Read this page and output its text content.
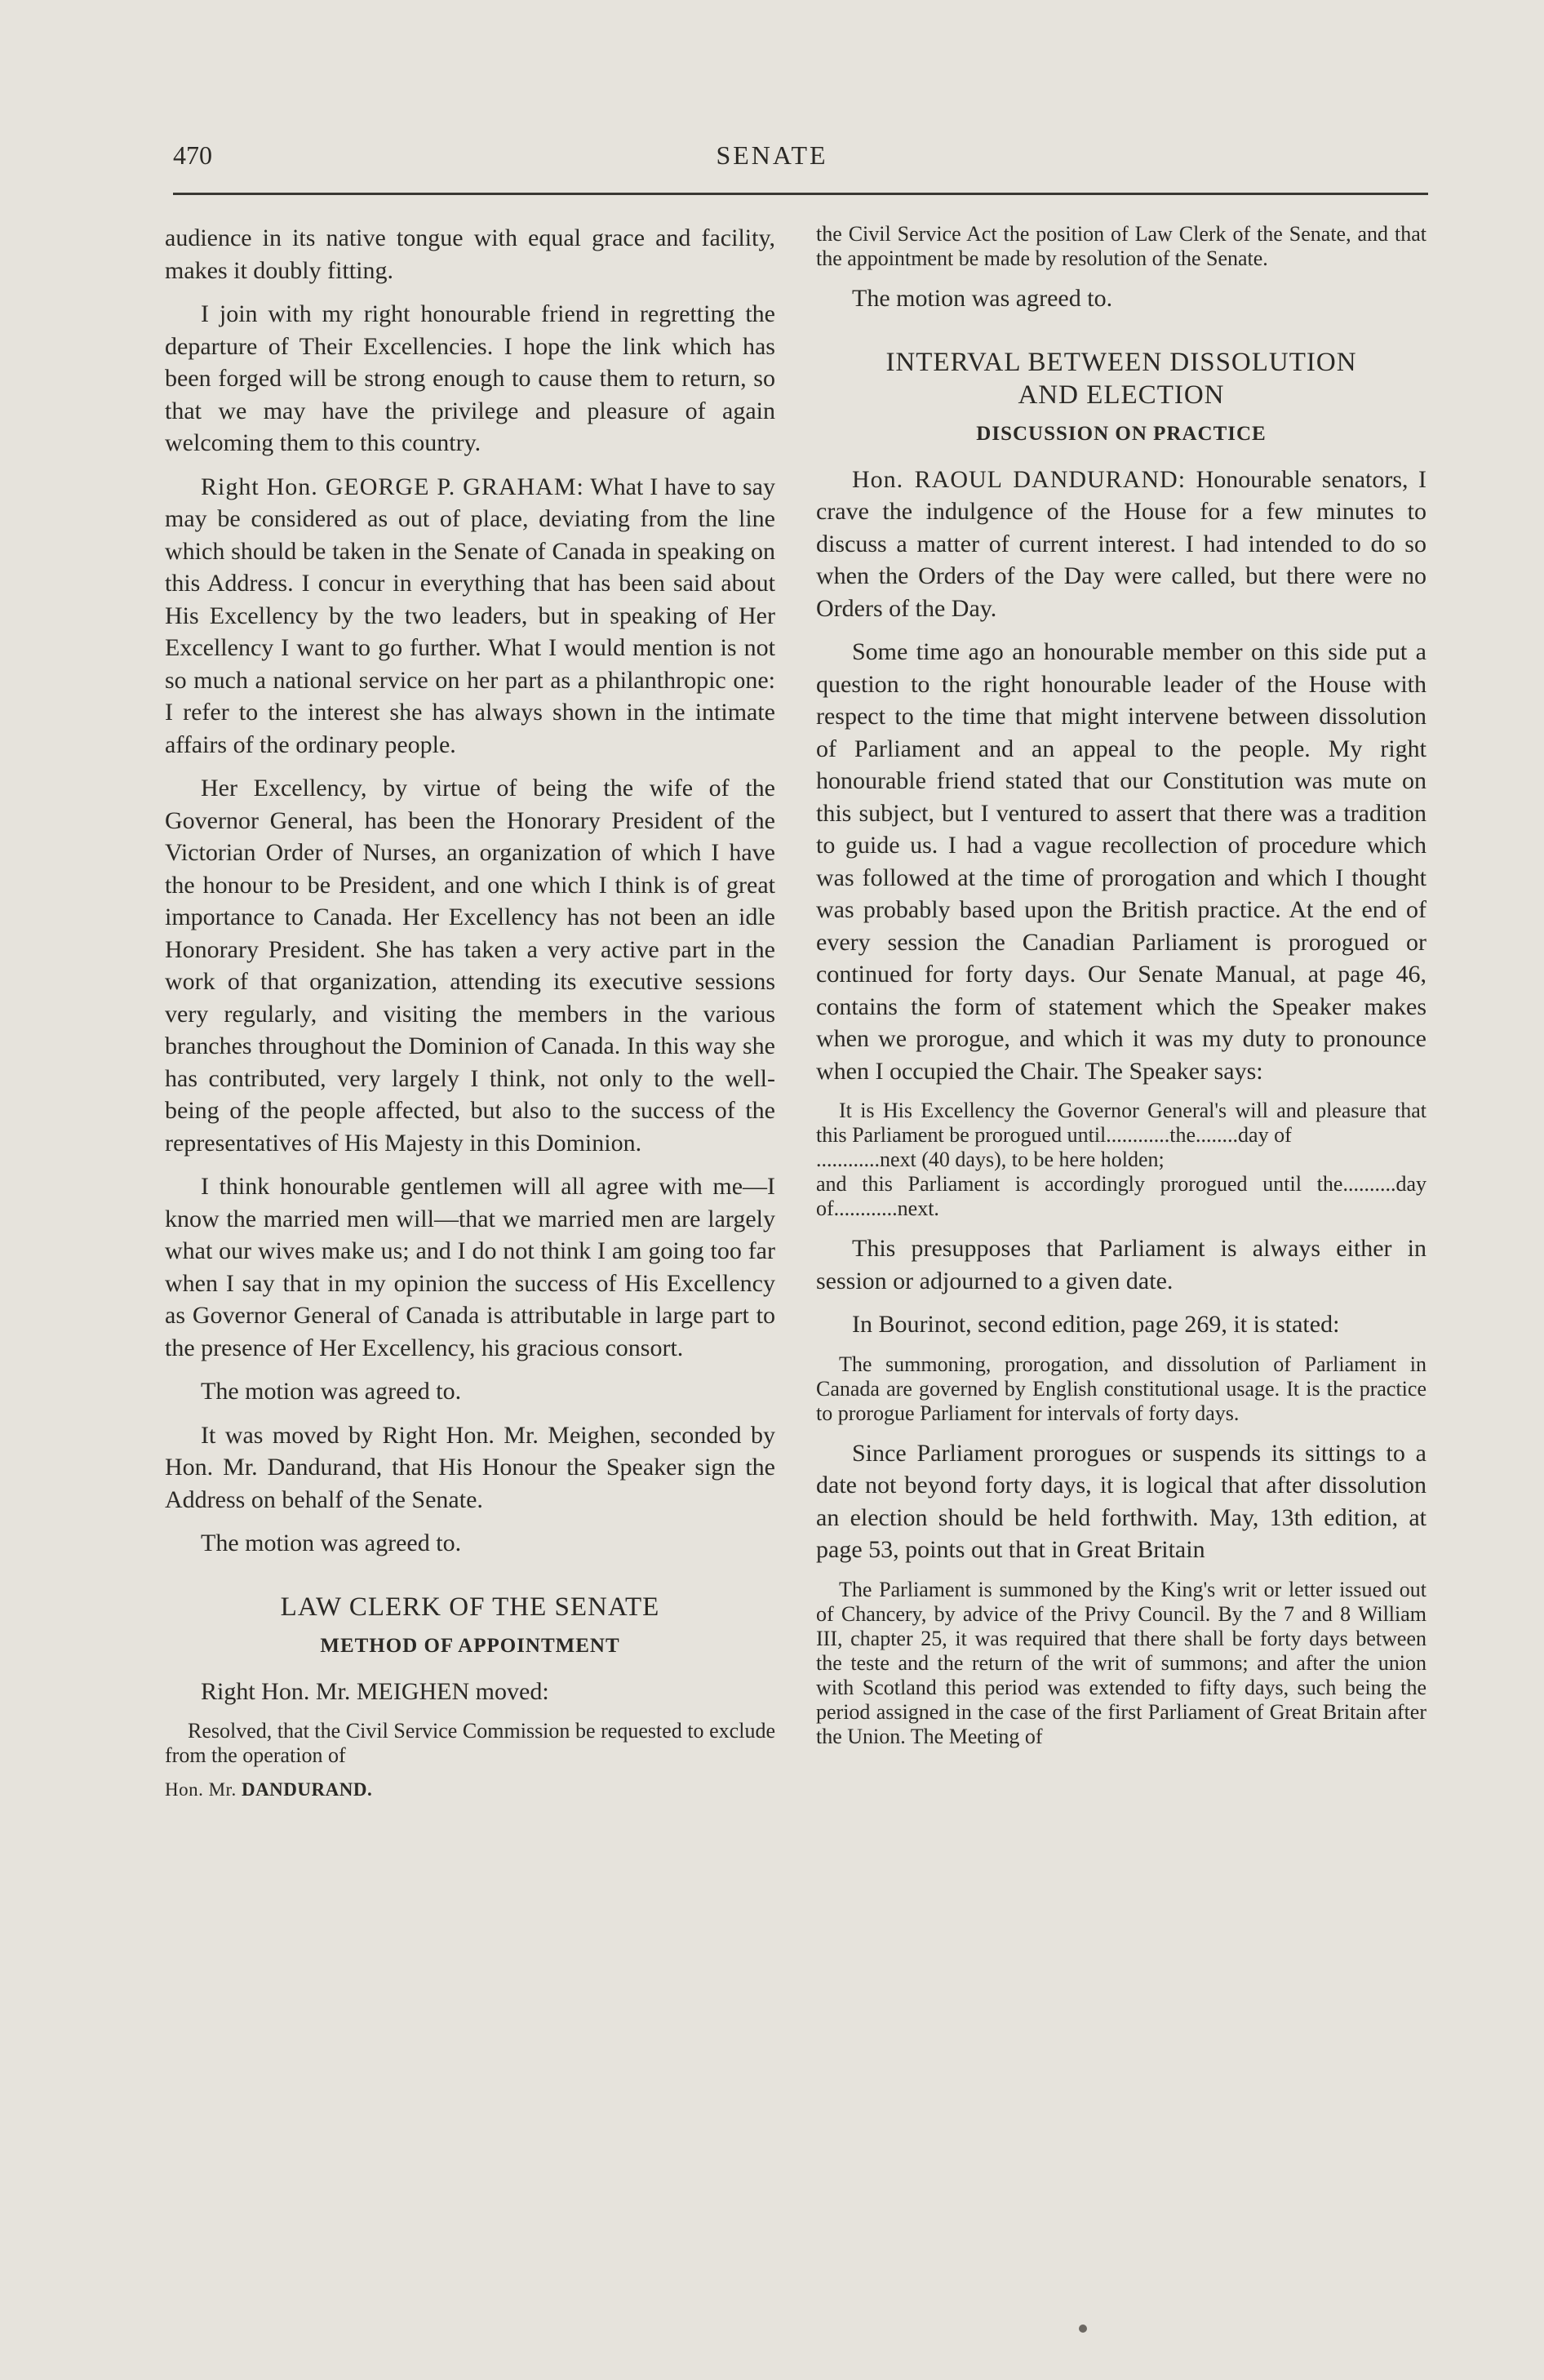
470	SENATE

audience in its native tongue with equal grace and facility, makes it doubly fitting.

I join with my right honourable friend in regretting the departure of Their Excellencies. I hope the link which has been forged will be strong enough to cause them to return, so that we may have the privilege and pleasure of again welcoming them to this country.

Right Hon. GEORGE P. GRAHAM: What I have to say may be considered as out of place, deviating from the line which should be taken in the Senate of Canada in speaking on this Address. I concur in everything that has been said about His Excellency by the two leaders, but in speaking of Her Excellency I want to go further. What I would mention is not so much a national service on her part as a philanthropic one: I refer to the interest she has always shown in the intimate affairs of the ordinary people.

Her Excellency, by virtue of being the wife of the Governor General, has been the Honorary President of the Victorian Order of Nurses, an organization of which I have the honour to be President, and one which I think is of great importance to Canada. Her Excellency has not been an idle Honorary President. She has taken a very active part in the work of that organization, attending its executive sessions very regularly, and visiting the members in the various branches throughout the Dominion of Canada. In this way she has contributed, very largely I think, not only to the well-being of the people affected, but also to the success of the representatives of His Majesty in this Dominion.

I think honourable gentlemen will all agree with me—I know the married men will—that we married men are largely what our wives make us; and I do not think I am going too far when I say that in my opinion the success of His Excellency as Governor General of Canada is attributable in large part to the presence of Her Excellency, his gracious consort.

The motion was agreed to.

It was moved by Right Hon. Mr. Meighen, seconded by Hon. Mr. Dandurand, that His Honour the Speaker sign the Address on behalf of the Senate.

The motion was agreed to.

LAW CLERK OF THE SENATE
METHOD OF APPOINTMENT

Right Hon. Mr. MEIGHEN moved:

Resolved, that the Civil Service Commission be requested to exclude from the operation of
Hon. Mr. DANDURAND.
the Civil Service Act the position of Law Clerk of the Senate, and that the appointment be made by resolution of the Senate.

The motion was agreed to.

INTERVAL BETWEEN DISSOLUTION
AND ELECTION
DISCUSSION ON PRACTICE

Hon. RAOUL DANDURAND: Honourable senators, I crave the indulgence of the House for a few minutes to discuss a matter of current interest. I had intended to do so when the Orders of the Day were called, but there were no Orders of the Day.

Some time ago an honourable member on this side put a question to the right honourable leader of the House with respect to the time that might intervene between dissolution of Parliament and an appeal to the people. My right honourable friend stated that our Constitution was mute on this subject, but I ventured to assert that there was a tradition to guide us. I had a vague recollection of procedure which was followed at the time of prorogation and which I thought was probably based upon the British practice. At the end of every session the Canadian Parliament is prorogued or continued for forty days. Our Senate Manual, at page 46, contains the form of statement which the Speaker makes when we prorogue, and which it was my duty to pronounce when I occupied the Chair. The Speaker says:

It is His Excellency the Governor General's will and pleasure that this Parliament be prorogued until............the........day of
............next (40 days), to be here holden;
and this Parliament is accordingly prorogued until the..........day of............next.

This presupposes that Parliament is always either in session or adjourned to a given date.

In Bourinot, second edition, page 269, it is stated:

The summoning, prorogation, and dissolution of Parliament in Canada are governed by English constitutional usage. It is the practice to prorogue Parliament for intervals of forty days.

Since Parliament prorogues or suspends its sittings to a date not beyond forty days, it is logical that after dissolution an election should be held forthwith. May, 13th edition, at page 53, points out that in Great Britain

The Parliament is summoned by the King's writ or letter issued out of Chancery, by advice of the Privy Council. By the 7 and 8 William III, chapter 25, it was required that there shall be forty days between the teste and the return of the writ of summons; and after the union with Scotland this period was extended to fifty days, such being the period assigned in the case of the first Parliament of Great Britain after the Union. The Meeting of
